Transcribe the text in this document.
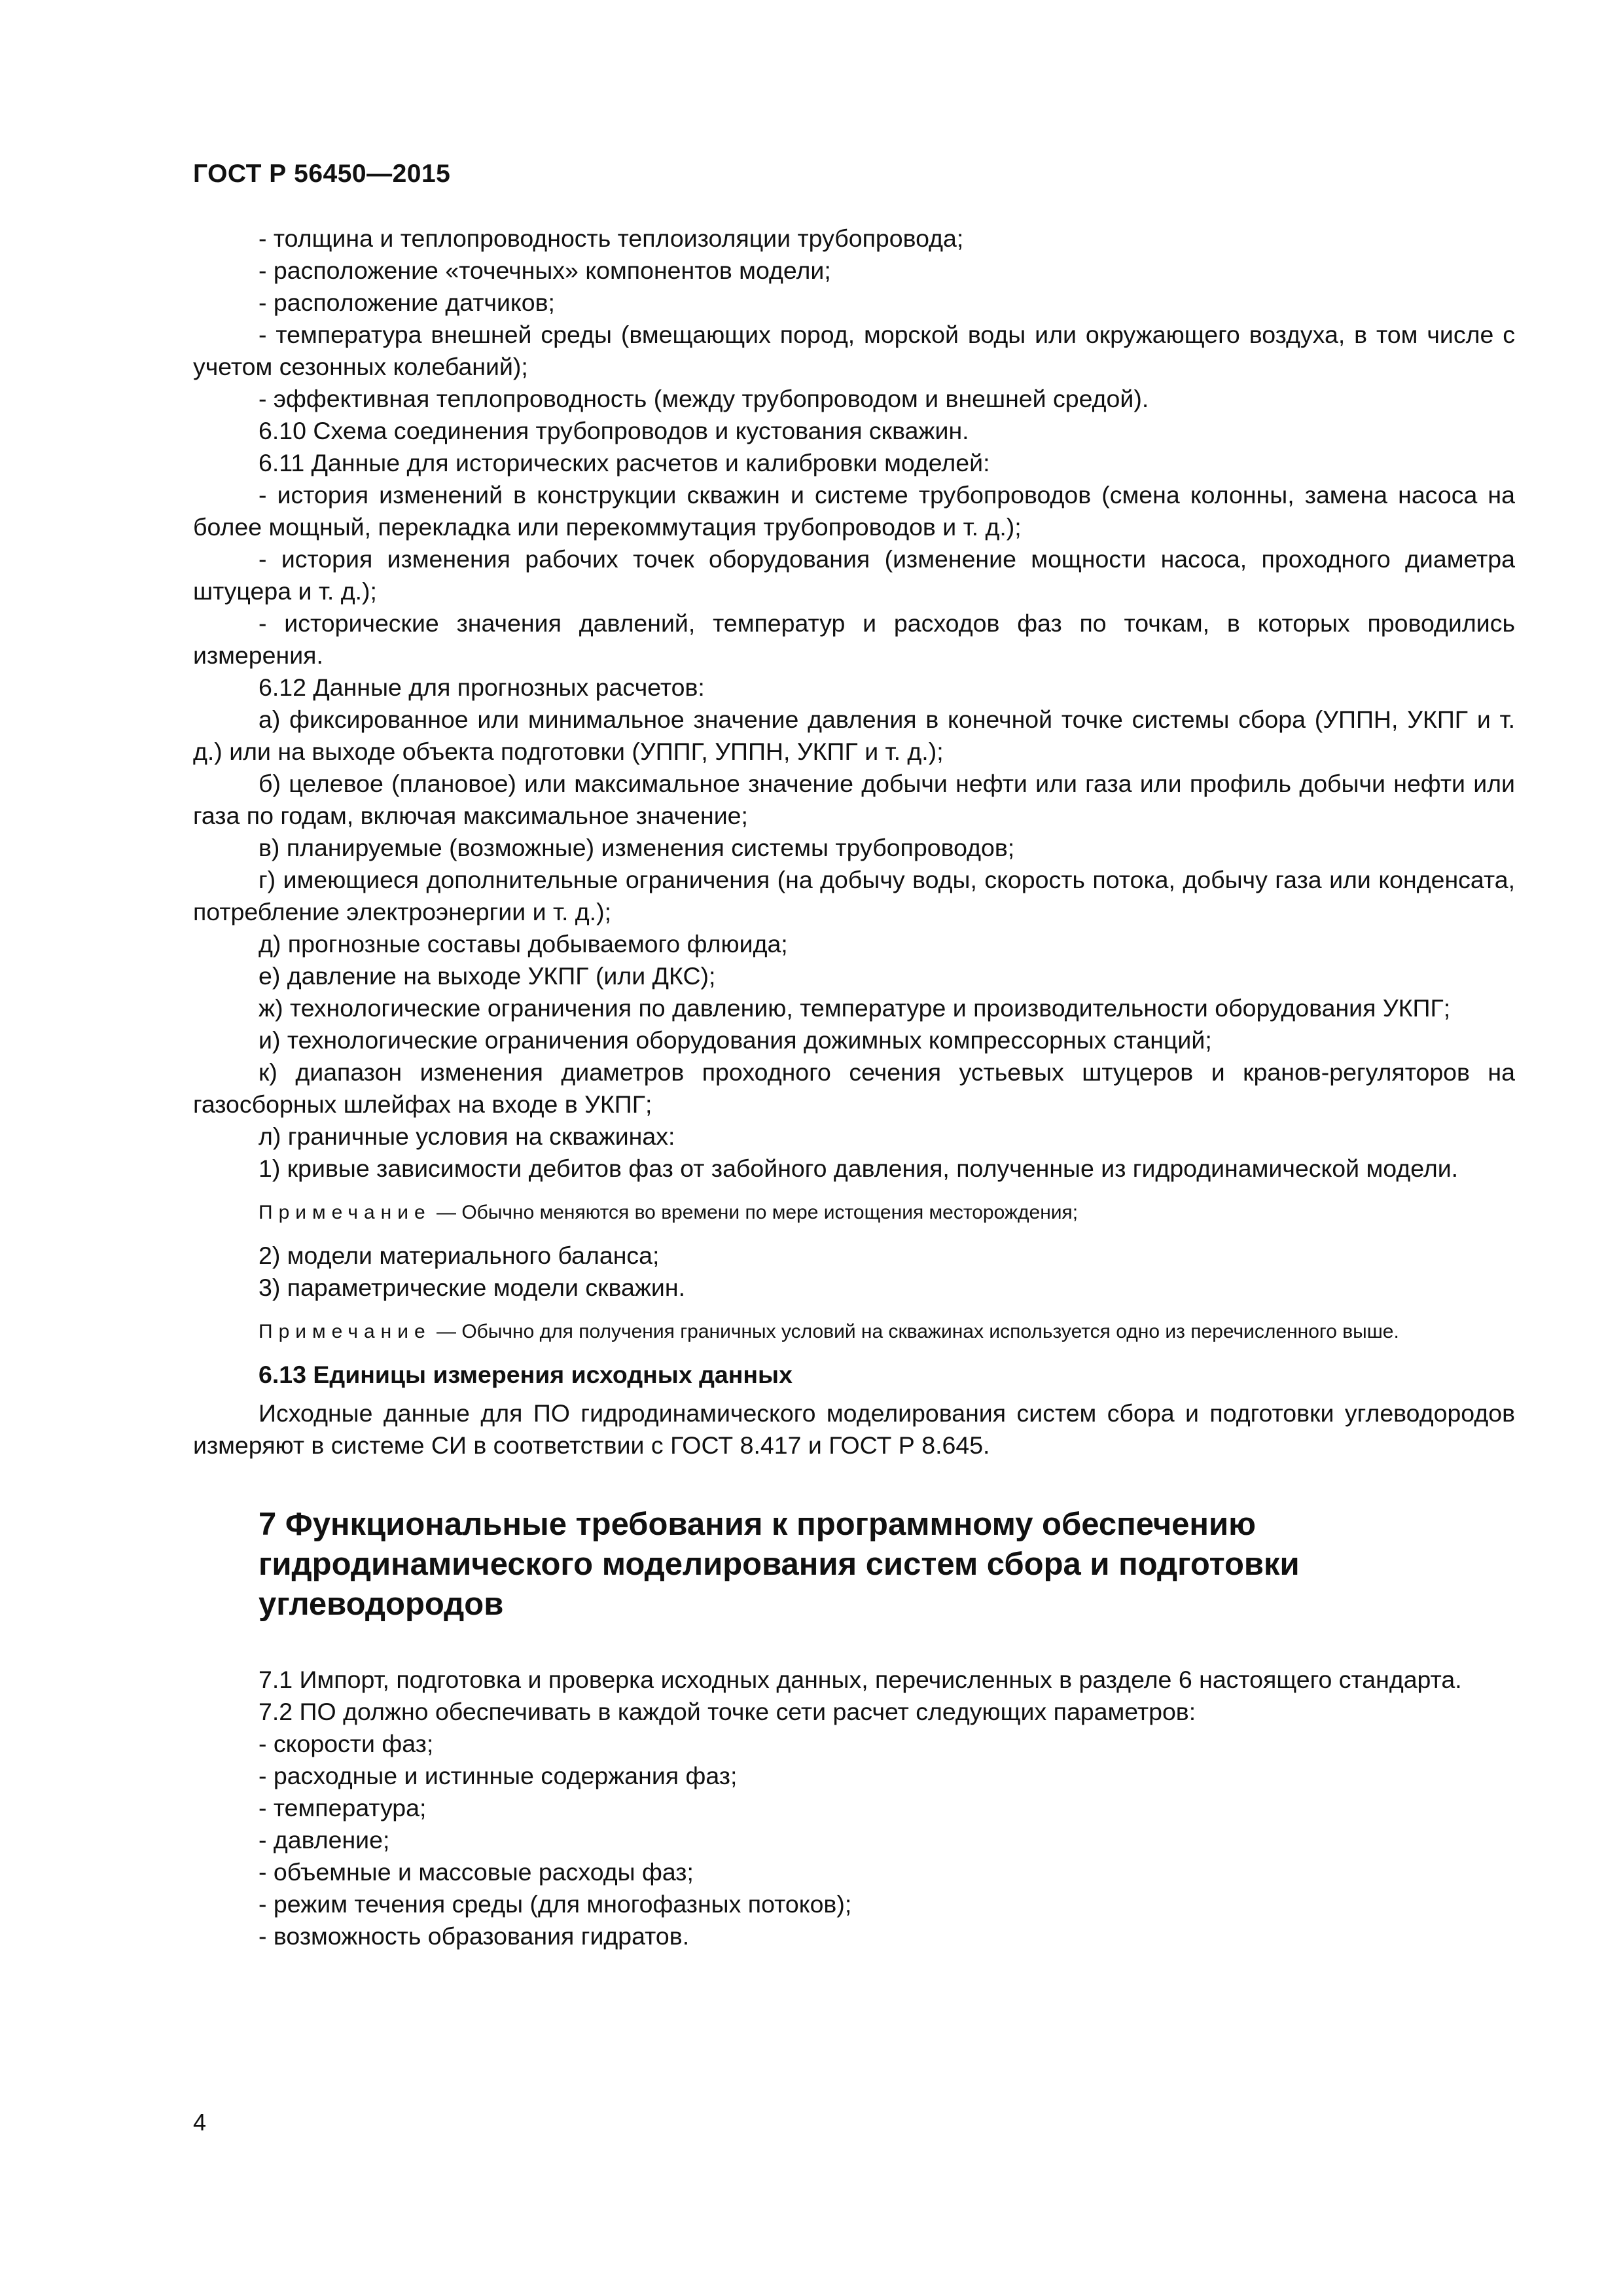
ГОСТ Р 56450—2015

- толщина и теплопроводность теплоизоляции трубопровода;

- расположение «точечных» компонентов модели;

- расположение датчиков;

- температура внешней среды (вмещающих пород, морской воды или окружающего воздуха, в том числе с учетом сезонных колебаний);

- эффективная теплопроводность (между трубопроводом и внешней средой).

6.10 Схема соединения трубопроводов и кустования скважин.

6.11 Данные для исторических расчетов и калибровки моделей:

- история изменений в конструкции скважин и системе трубопроводов (смена колонны, замена насоса на более мощный, перекладка или перекоммутация трубопроводов и т. д.);

- история изменения рабочих точек оборудования (изменение мощности насоса, проходного диаметра штуцера и т. д.);

- исторические значения давлений, температур и расходов фаз по точкам, в которых проводились измерения.

6.12 Данные для прогнозных расчетов:

а) фиксированное или минимальное значение давления в конечной точке системы сбора (УППН, УКПГ и т. д.) или на выходе объекта подготовки (УППГ, УППН, УКПГ и т. д.);

б) целевое (плановое) или максимальное значение добычи нефти или газа или профиль добычи нефти или газа по годам, включая максимальное значение;

в) планируемые (возможные) изменения системы трубопроводов;

г) имеющиеся дополнительные ограничения (на добычу воды, скорость потока, добычу газа или конденсата, потребление электроэнергии и т. д.);

д) прогнозные составы добываемого флюида;

е) давление на выходе УКПГ (или ДКС);

ж) технологические ограничения по давлению, температуре и производительности оборудования УКПГ;

и) технологические ограничения оборудования дожимных компрессорных станций;

к) диапазон изменения диаметров проходного сечения устьевых штуцеров и кранов-регуляторов на газосборных шлейфах на входе в УКПГ;

л) граничные условия на скважинах:

1) кривые зависимости дебитов фаз от забойного давления, полученные из гидродинамической модели.

Примечание — Обычно меняются во времени по мере истощения месторождения;

2) модели материального баланса;

3) параметрические модели скважин.

Примечание — Обычно для получения граничных условий на скважинах используется одно из перечисленного выше.

6.13 Единицы измерения исходных данных

Исходные данные для ПО гидродинамического моделирования систем сбора и подготовки углеводородов измеряют в системе СИ в соответствии с ГОСТ 8.417 и ГОСТ Р 8.645.

7 Функциональные требования к программному обеспечению гидродинамического моделирования систем сбора и подготовки углеводородов

7.1 Импорт, подготовка и проверка исходных данных, перечисленных в разделе 6 настоящего стандарта.

7.2 ПО должно обеспечивать в каждой точке сети расчет следующих параметров:

- скорости фаз;

- расходные и истинные содержания фаз;

- температура;

- давление;

- объемные и массовые расходы фаз;

- режим течения среды (для многофазных потоков);

- возможность образования гидратов.

4
